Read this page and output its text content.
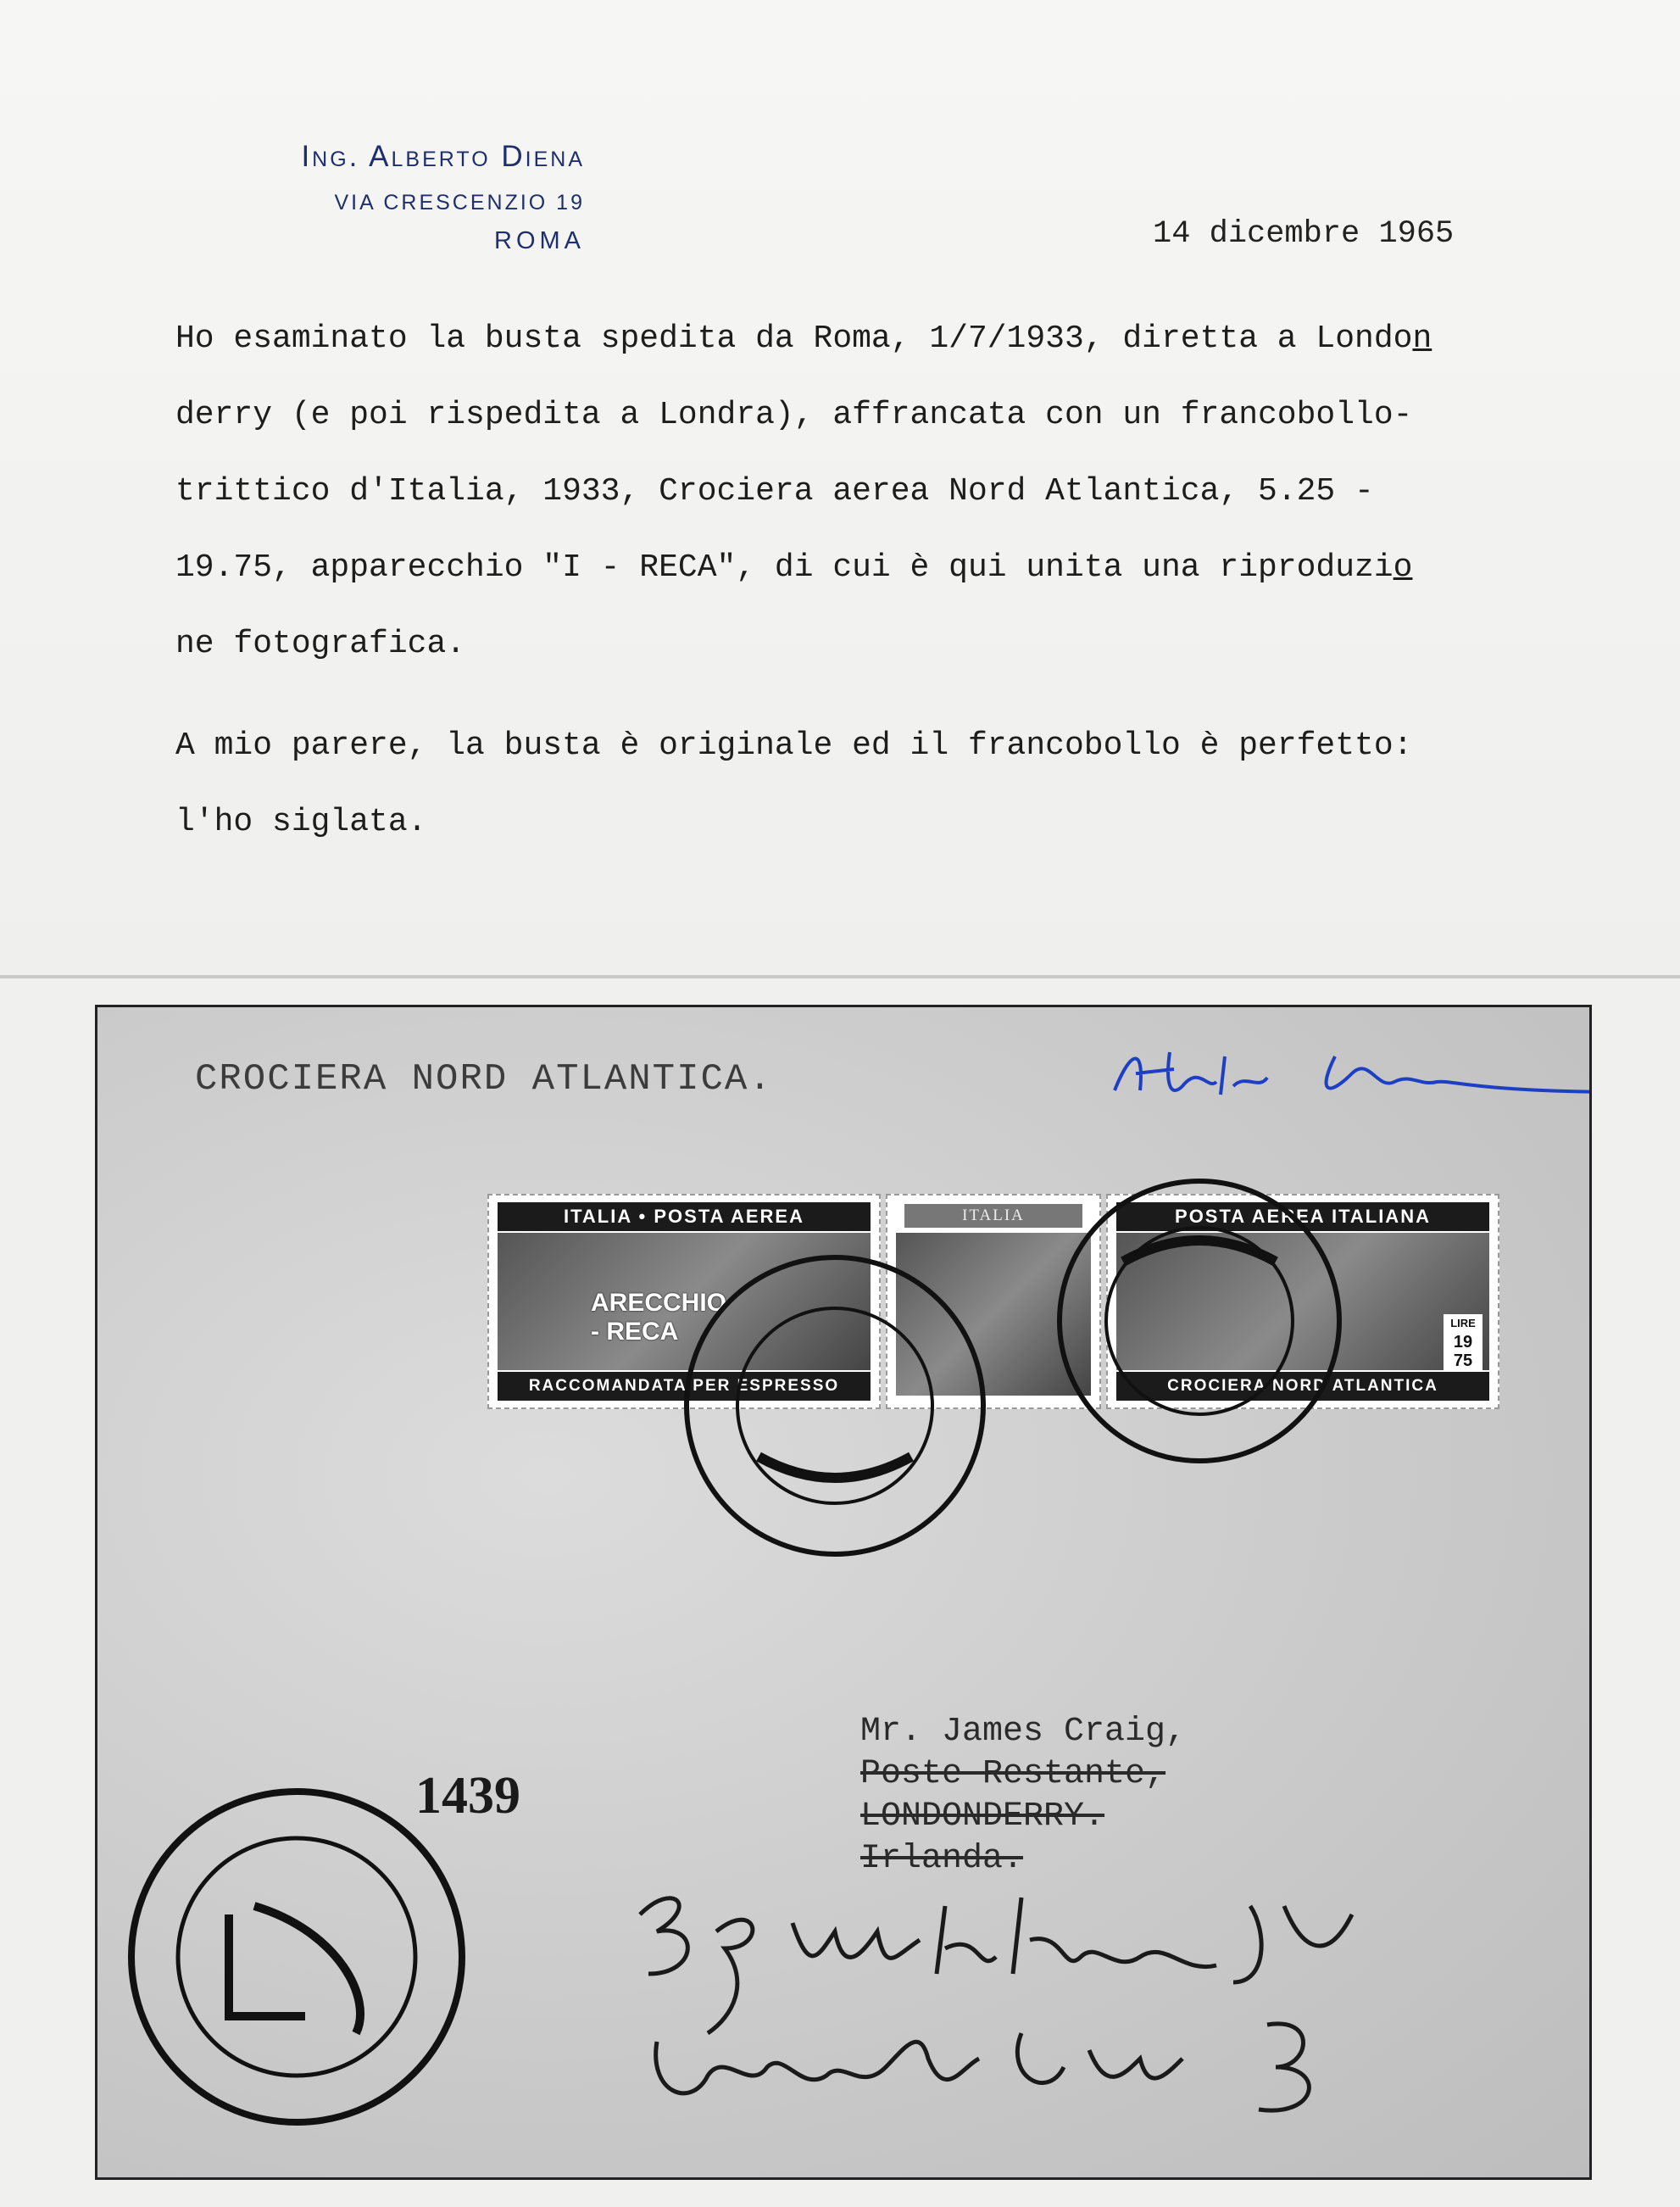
Ing. Alberto Diena
VIA CRESCENZIO 19
ROMA	14 dicembre 1965
Ho esaminato la busta spedita da Roma, 1/7/1933, diretta a London
derry (e poi rispedita a Londra), affrancata con un francobollo-
trittico d'Italia, 1933, Crociera aerea Nord Atlantica, 5.25 -
19.75, apparecchio "I - RECA", di cui è qui unita una riproduzio
ne fotografica.
A mio parere, la busta è originale ed il francobollo è perfetto:
l'ho siglata.
CROCIERA NORD ATLANTICA.
ITALIA • POSTA AEREA
ARECCHIO
- RECA
RACCOMANDATA PER ESPRESSO
ITALIA	POSTA AEREA ITALIANA
LIRE
19
75
CROCIERA NORD ATLANTICA
1439
Mr. James Craig,
Poste Restante,
LONDONDERRY.
Irlanda.
